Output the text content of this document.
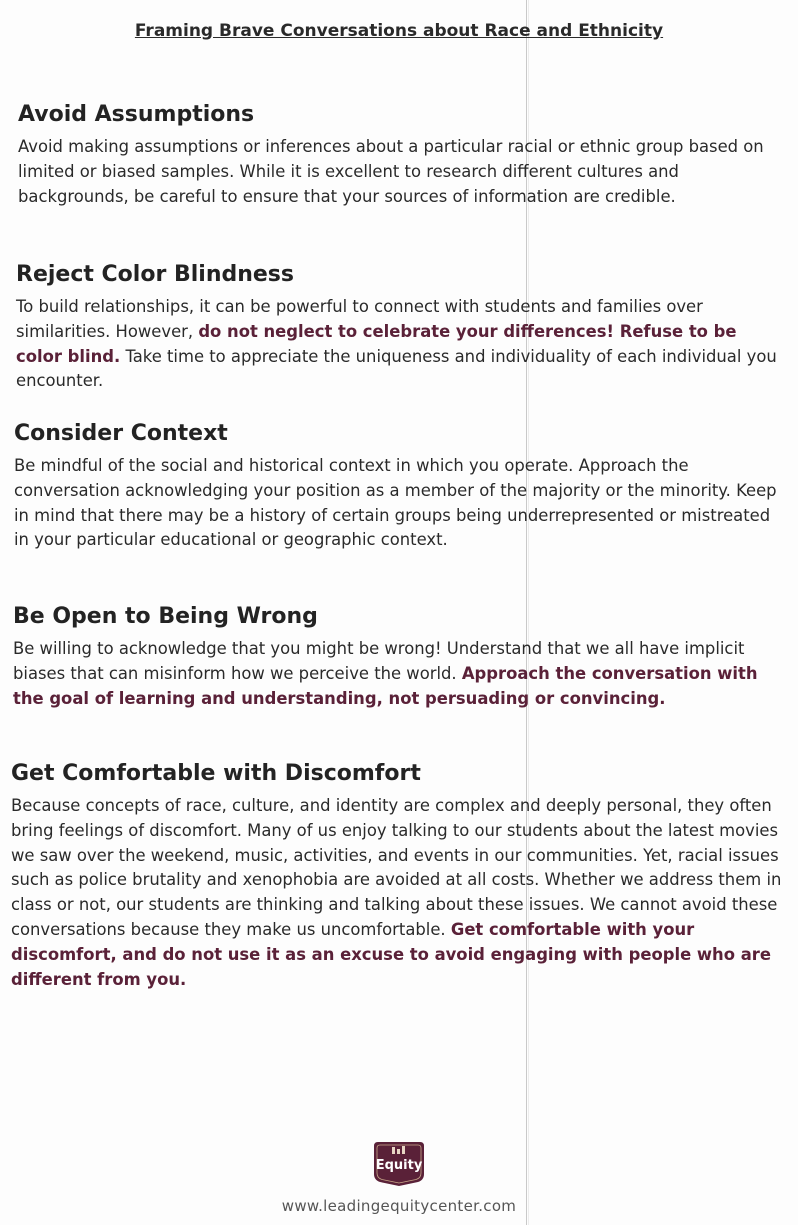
Framing Brave Conversations about Race and Ethnicity
Avoid Assumptions

Avoid making assumptions or inferences about a particular racial or ethnic group based on limited or biased samples. While it is excellent to research different cultures and backgrounds, be careful to ensure that your sources of information are credible.

Reject Color Blindness

To build relationships, it can be powerful to connect with students and families over similarities. However, do not neglect to celebrate your differences! Refuse to be color blind. Take time to appreciate the uniqueness and individuality of each individual you encounter.

Consider Context

Be mindful of the social and historical context in which you operate. Approach the conversation acknowledging your position as a member of the majority or the minority. Keep in mind that there may be a history of certain groups being underrepresented or mistreated in your particular educational or geographic context.

Be Open to Being Wrong

Be willing to acknowledge that you might be wrong! Understand that we all have implicit biases that can misinform how we perceive the world. Approach the conversation with the goal of learning and understanding, not persuading or convincing.

Get Comfortable with Discomfort

Because concepts of race, culture, and identity are complex and deeply personal, they often bring feelings of discomfort. Many of us enjoy talking to our students about the latest movies we saw over the weekend, music, activities, and events in our communities. Yet, racial issues such as police brutality and xenophobia are avoided at all costs. Whether we address them in class or not, our students are thinking and talking about these issues. We cannot avoid these conversations because they make us uncomfortable. Get comfortable with your discomfort, and do not use it as an excuse to avoid engaging with people who are different from you.

Equity
www.leadingequitycenter.com
